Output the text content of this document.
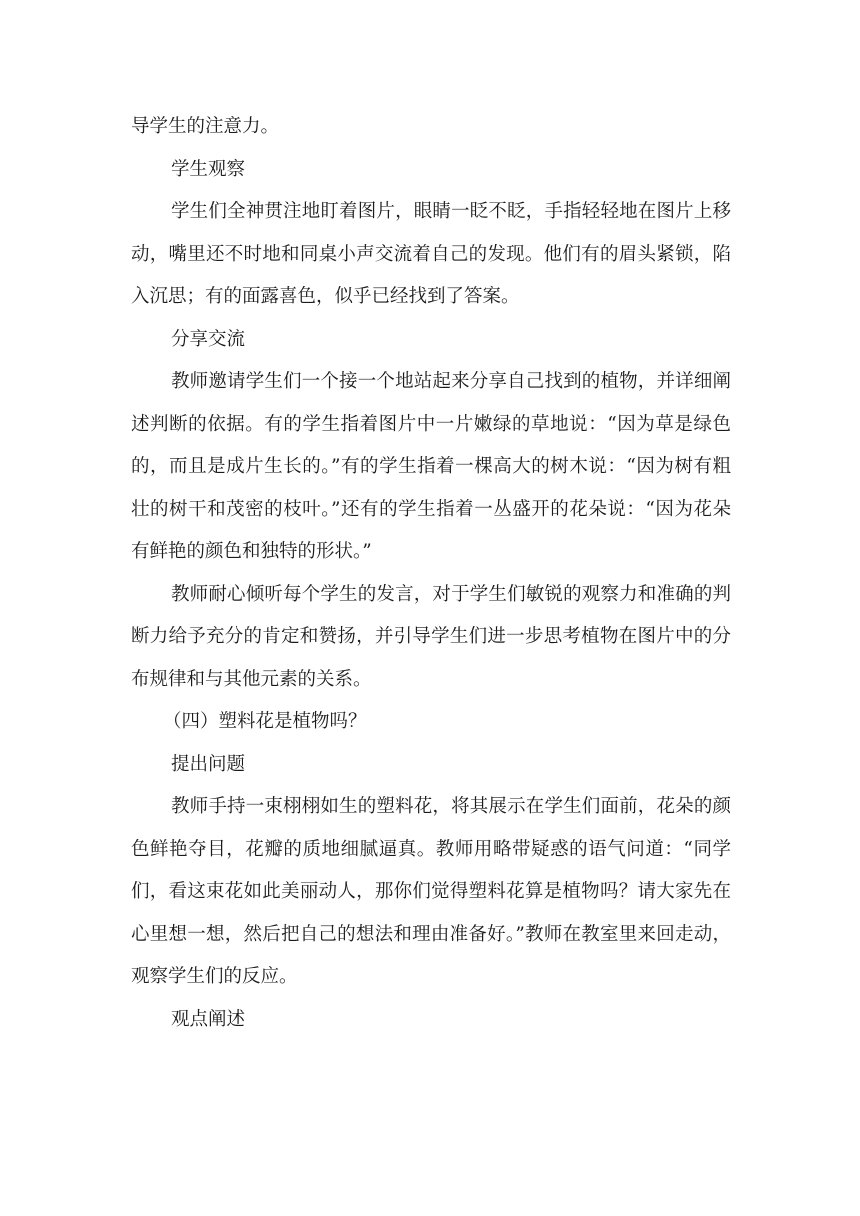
导学生的注意力。

学生观察

学生们全神贯注地盯着图片，眼睛一眨不眨，手指轻轻地在图片上移动，嘴里还不时地和同桌小声交流着自己的发现。他们有的眉头紧锁，陷入沉思；有的面露喜色，似乎已经找到了答案。

分享交流

教师邀请学生们一个接一个地站起来分享自己找到的植物，并详细阐述判断的依据。有的学生指着图片中一片嫩绿的草地说：“因为草是绿色的，而且是成片生长的。”有的学生指着一棵高大的树木说：“因为树有粗壮的树干和茂密的枝叶。”还有的学生指着一丛盛开的花朵说：“因为花朵有鲜艳的颜色和独特的形状。”

教师耐心倾听每个学生的发言，对于学生们敏锐的观察力和准确的判断力给予充分的肯定和赞扬，并引导学生们进一步思考植物在图片中的分布规律和与其他元素的关系。

（四）塑料花是植物吗？

提出问题

教师手持一束栩栩如生的塑料花，将其展示在学生们面前，花朵的颜色鲜艳夺目，花瓣的质地细腻逼真。教师用略带疑惑的语气问道：“同学们，看这束花如此美丽动人，那你们觉得塑料花算是植物吗？请大家先在心里想一想，然后把自己的想法和理由准备好。”教师在教室里来回走动，观察学生们的反应。

观点阐述
